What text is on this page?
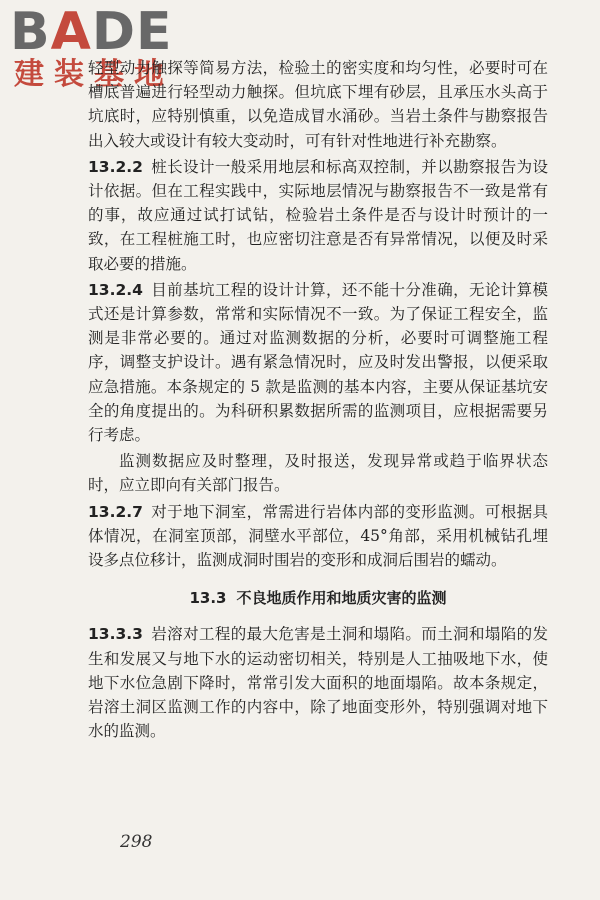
BADE
建装基地

轻型动力触探等简易方法，检验土的密实度和均匀性，必要时可在槽底普遍进行轻型动力触探。但坑底下埋有砂层，且承压水头高于坑底时，应特别慎重，以免造成冒水涌砂。当岩土条件与勘察报告出入较大或设计有较大变动时，可有针对性地进行补充勘察。

13.2.2 桩长设计一般采用地层和标高双控制，并以勘察报告为设计依据。但在工程实践中，实际地层情况与勘察报告不一致是常有的事，故应通过试打试钻，检验岩土条件是否与设计时预计的一致，在工程桩施工时，也应密切注意是否有异常情况，以便及时采取必要的措施。

13.2.4 目前基坑工程的设计计算，还不能十分准确，无论计算模式还是计算参数，常常和实际情况不一致。为了保证工程安全，监测是非常必要的。通过对监测数据的分析，必要时可调整施工程序，调整支护设计。遇有紧急情况时，应及时发出警报，以便采取应急措施。本条规定的 5 款是监测的基本内容，主要从保证基坑安全的角度提出的。为科研积累数据所需的监测项目，应根据需要另行考虑。

监测数据应及时整理，及时报送，发现异常或趋于临界状态时，应立即向有关部门报告。

13.2.7 对于地下洞室，常需进行岩体内部的变形监测。可根据具体情况，在洞室顶部，洞壁水平部位，45°角部，采用机械钻孔埋设多点位移计，监测成洞时围岩的变形和成洞后围岩的蠕动。

13.3 不良地质作用和地质灾害的监测

13.3.3 岩溶对工程的最大危害是土洞和塌陷。而土洞和塌陷的发生和发展又与地下水的运动密切相关，特别是人工抽吸地下水，使地下水位急剧下降时，常常引发大面积的地面塌陷。故本条规定，岩溶土洞区监测工作的内容中，除了地面变形外，特别强调对地下水的监测。

298
